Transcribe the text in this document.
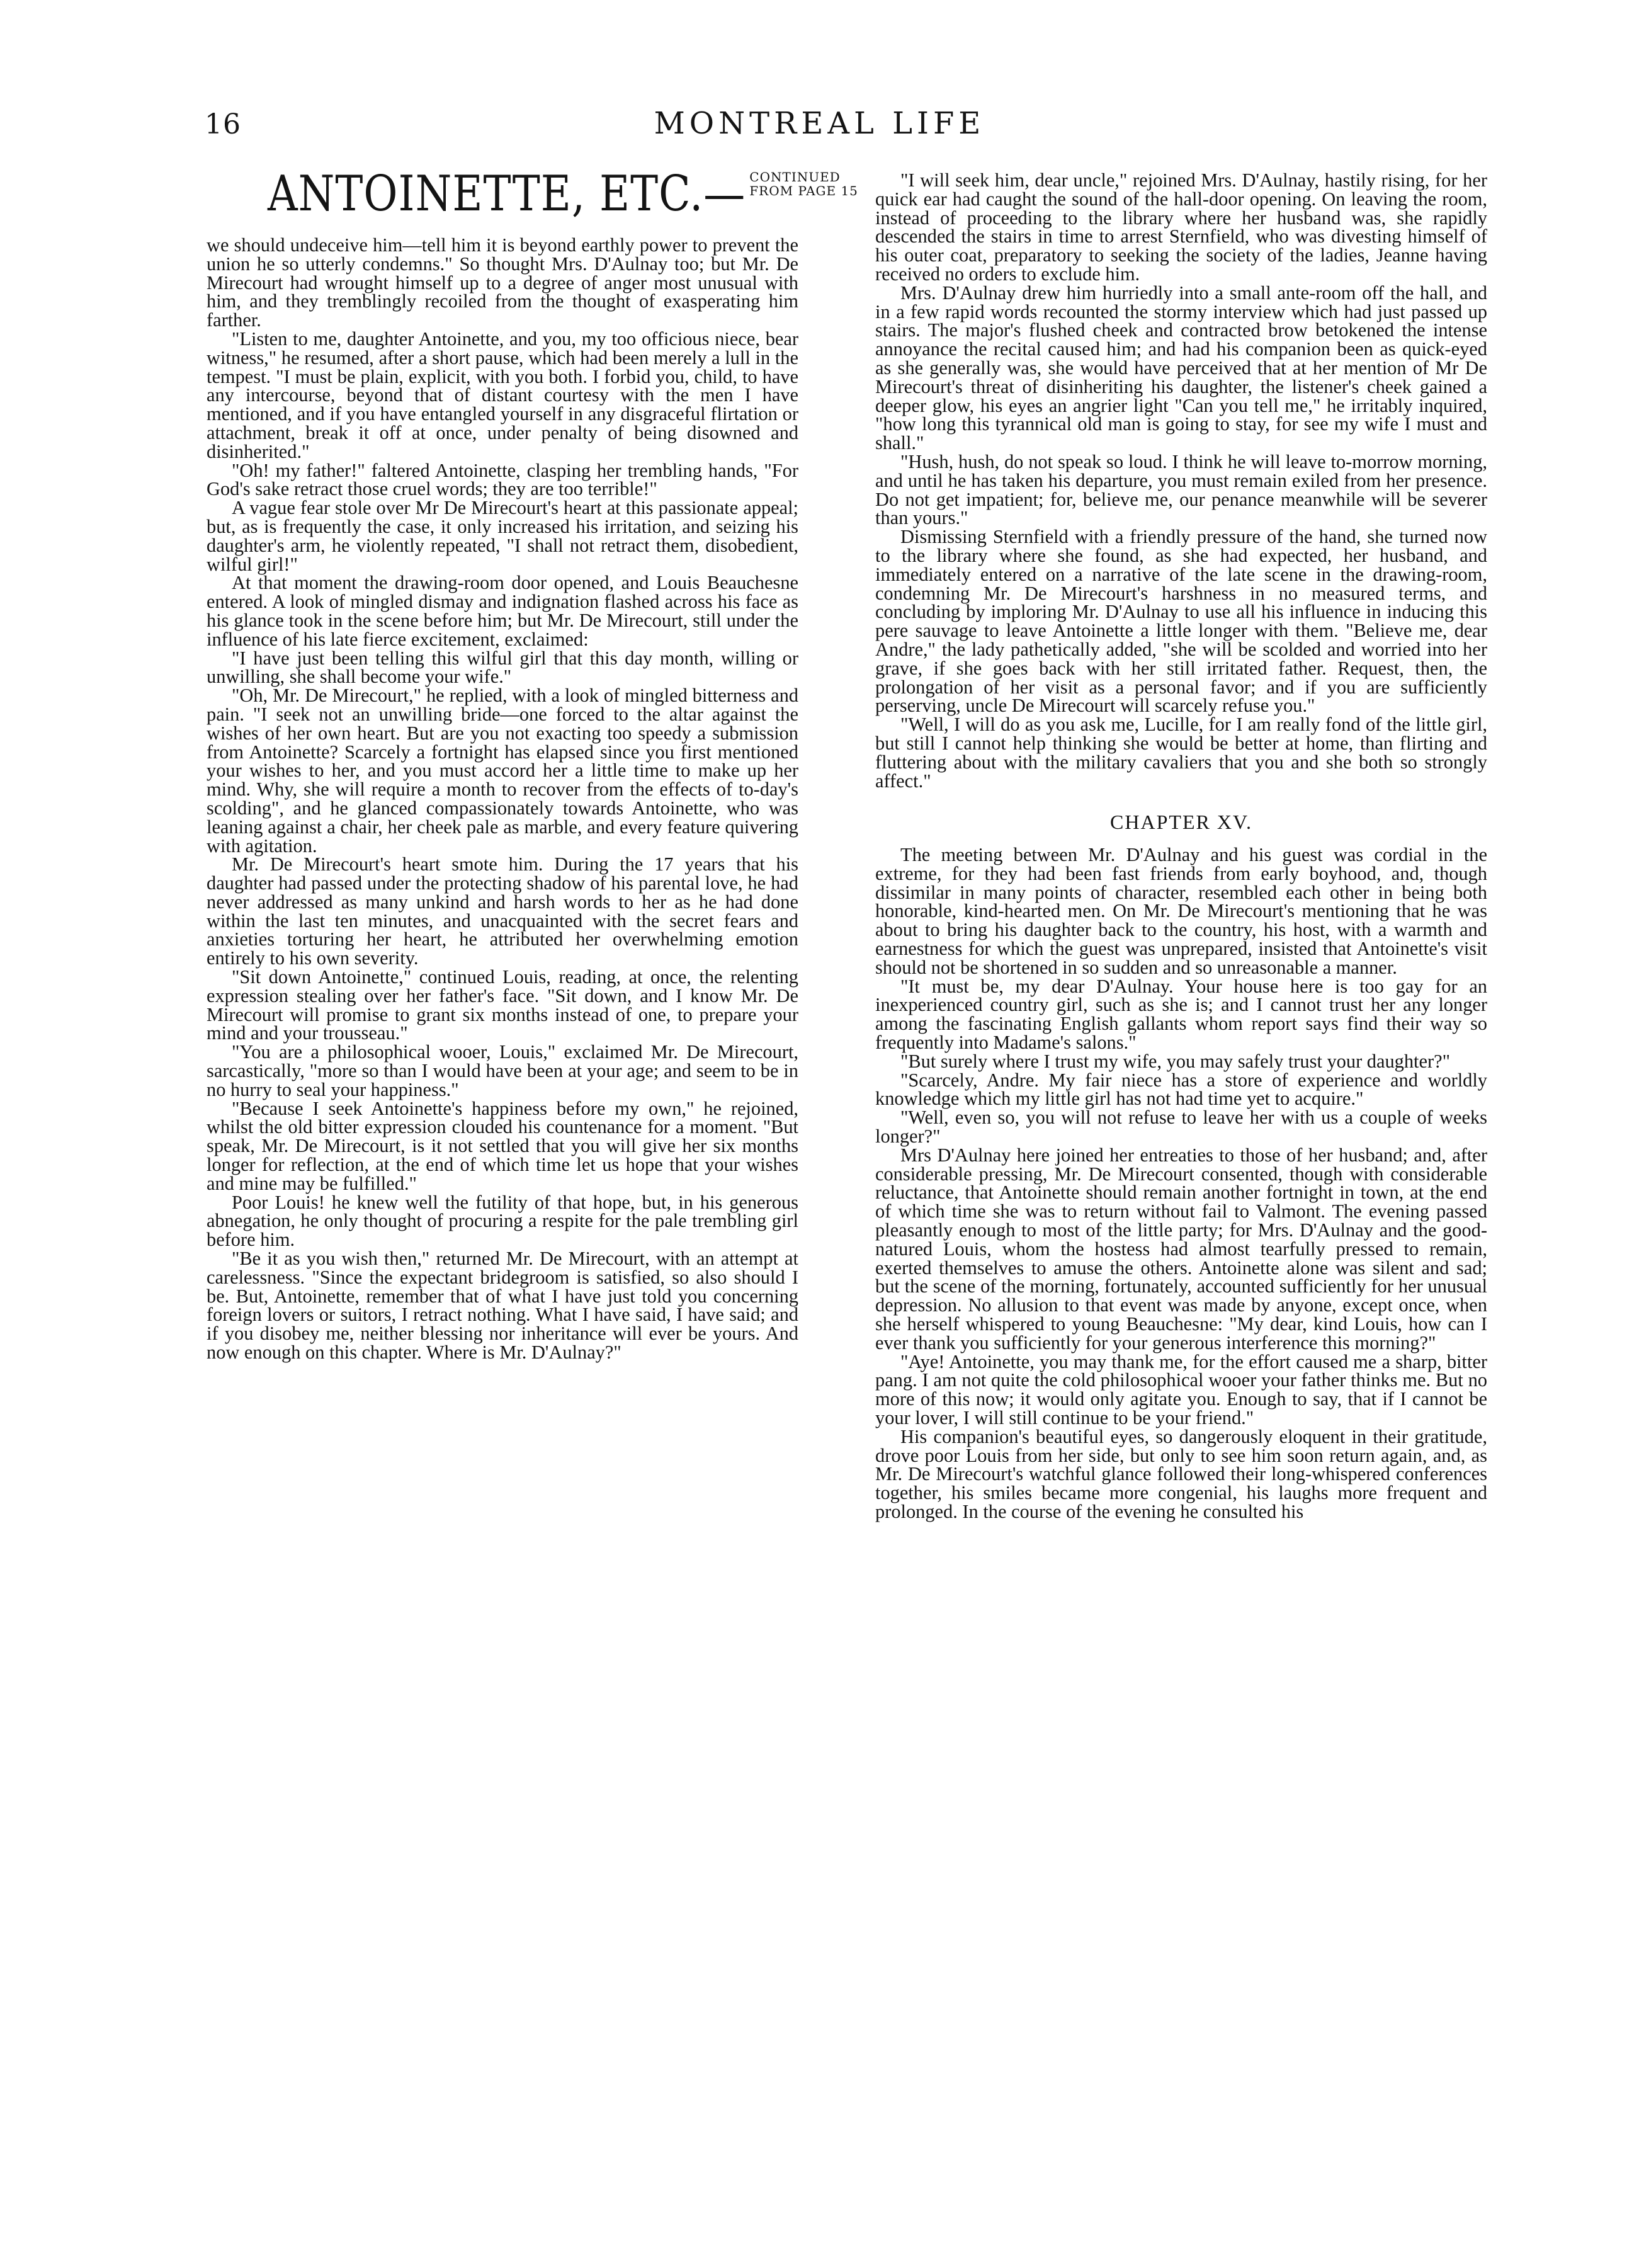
16	MONTREAL LIFE
ANTOINETTE, ETC.— CONTINUED
FROM PAGE 15

we should undeceive him—tell him it is beyond earthly power to prevent the union he so utterly condemns." So thought Mrs. D'Aulnay too; but Mr. De Mirecourt had wrought himself up to a degree of anger most unusual with him, and they tremblingly recoiled from the thought of exasperating him farther.

"Listen to me, daughter Antoinette, and you, my too officious niece, bear witness," he resumed, after a short pause, which had been merely a lull in the tempest. "I must be plain, explicit, with you both. I forbid you, child, to have any intercourse, beyond that of distant courtesy with the men I have mentioned, and if you have entangled yourself in any disgraceful flirtation or attachment, break it off at once, under penalty of being disowned and disinherited."

"Oh! my father!" faltered Antoinette, clasping her trembling hands, "For God's sake retract those cruel words; they are too terrible!"

A vague fear stole over Mr De Mirecourt's heart at this passionate appeal; but, as is frequently the case, it only increased his irritation, and seizing his daughter's arm, he violently repeated, "I shall not retract them, disobedient, wilful girl!"

At that moment the drawing-room door opened, and Louis Beauchesne entered. A look of mingled dismay and indignation flashed across his face as his glance took in the scene before him; but Mr. De Mirecourt, still under the influence of his late fierce excitement, exclaimed:

"I have just been telling this wilful girl that this day month, willing or unwilling, she shall become your wife."

"Oh, Mr. De Mirecourt," he replied, with a look of mingled bitterness and pain. "I seek not an unwilling bride—one forced to the altar against the wishes of her own heart. But are you not exacting too speedy a submission from Antoinette? Scarcely a fortnight has elapsed since you first mentioned your wishes to her, and you must accord her a little time to make up her mind. Why, she will require a month to recover from the effects of to-day's scolding", and he glanced compassionately towards Antoinette, who was leaning against a chair, her cheek pale as marble, and every feature quivering with agitation.

Mr. De Mirecourt's heart smote him. During the 17 years that his daughter had passed under the protecting shadow of his parental love, he had never addressed as many unkind and harsh words to her as he had done within the last ten minutes, and unacquainted with the secret fears and anxieties torturing her heart, he attributed her overwhelming emotion entirely to his own severity.

"Sit down Antoinette," continued Louis, reading, at once, the relenting expression stealing over her father's face. "Sit down, and I know Mr. De Mirecourt will promise to grant six months instead of one, to prepare your mind and your trousseau."

"You are a philosophical wooer, Louis," exclaimed Mr. De Mirecourt, sarcastically, "more so than I would have been at your age; and seem to be in no hurry to seal your happiness."

"Because I seek Antoinette's happiness before my own," he rejoined, whilst the old bitter expression clouded his countenance for a moment. "But speak, Mr. De Mirecourt, is it not settled that you will give her six months longer for reflection, at the end of which time let us hope that your wishes and mine may be fulfilled."

Poor Louis! he knew well the futility of that hope, but, in his generous abnegation, he only thought of procuring a respite for the pale trembling girl before him.

"Be it as you wish then," returned Mr. De Mirecourt, with an attempt at carelessness. "Since the expectant bridegroom is satisfied, so also should I be. But, Antoinette, remember that of what I have just told you concerning foreign lovers or suitors, I retract nothing. What I have said, I have said; and if you disobey me, neither blessing nor inheritance will ever be yours. And now enough on this chapter. Where is Mr. D'Aulnay?"

"I will seek him, dear uncle," rejoined Mrs. D'Aulnay, hastily rising, for her quick ear had caught the sound of the hall-door opening. On leaving the room, instead of proceeding to the library where her husband was, she rapidly descended the stairs in time to arrest Sternfield, who was divesting himself of his outer coat, preparatory to seeking the society of the ladies, Jeanne having received no orders to exclude him.

Mrs. D'Aulnay drew him hurriedly into a small ante-room off the hall, and in a few rapid words recounted the stormy interview which had just passed up stairs. The major's flushed cheek and contracted brow betokened the intense annoyance the recital caused him; and had his companion been as quick-eyed as she generally was, she would have perceived that at her mention of Mr De Mirecourt's threat of disinheriting his daughter, the listener's cheek gained a deeper glow, his eyes an angrier light "Can you tell me," he irritably inquired, "how long this tyrannical old man is going to stay, for see my wife I must and shall."

"Hush, hush, do not speak so loud. I think he will leave to-morrow morning, and until he has taken his departure, you must remain exiled from her presence. Do not get impatient; for, believe me, our penance meanwhile will be severer than yours."

Dismissing Sternfield with a friendly pressure of the hand, she turned now to the library where she found, as she had expected, her husband, and immediately entered on a narrative of the late scene in the drawing-room, condemning Mr. De Mirecourt's harshness in no measured terms, and concluding by imploring Mr. D'Aulnay to use all his influence in inducing this pere sauvage to leave Antoinette a little longer with them. "Believe me, dear Andre," the lady pathetically added, "she will be scolded and worried into her grave, if she goes back with her still irritated father. Request, then, the prolongation of her visit as a personal favor; and if you are sufficiently perserving, uncle De Mirecourt will scarcely refuse you."

"Well, I will do as you ask me, Lucille, for I am really fond of the little girl, but still I cannot help thinking she would be better at home, than flirting and fluttering about with the military cavaliers that you and she both so strongly affect."

CHAPTER XV.

The meeting between Mr. D'Aulnay and his guest was cordial in the extreme, for they had been fast friends from early boyhood, and, though dissimilar in many points of character, resembled each other in being both honorable, kind-hearted men. On Mr. De Mirecourt's mentioning that he was about to bring his daughter back to the country, his host, with a warmth and earnestness for which the guest was unprepared, insisted that Antoinette's visit should not be shortened in so sudden and so unreasonable a manner.

"It must be, my dear D'Aulnay. Your house here is too gay for an inexperienced country girl, such as she is; and I cannot trust her any longer among the fascinating English gallants whom report says find their way so frequently into Madame's salons."

"But surely where I trust my wife, you may safely trust your daughter?"

"Scarcely, Andre. My fair niece has a store of experience and worldly knowledge which my little girl has not had time yet to acquire."

"Well, even so, you will not refuse to leave her with us a couple of weeks longer?"

Mrs D'Aulnay here joined her entreaties to those of her husband; and, after considerable pressing, Mr. De Mirecourt consented, though with considerable reluctance, that Antoinette should remain another fortnight in town, at the end of which time she was to return without fail to Valmont. The evening passed pleasantly enough to most of the little party; for Mrs. D'Aulnay and the good-natured Louis, whom the hostess had almost tearfully pressed to remain, exerted themselves to amuse the others. Antoinette alone was silent and sad; but the scene of the morning, fortunately, accounted sufficiently for her unusual depression. No allusion to that event was made by anyone, except once, when she herself whispered to young Beauchesne: "My dear, kind Louis, how can I ever thank you sufficiently for your generous interference this morning?"

"Aye! Antoinette, you may thank me, for the effort caused me a sharp, bitter pang. I am not quite the cold philosophical wooer your father thinks me. But no more of this now; it would only agitate you. Enough to say, that if I cannot be your lover, I will still continue to be your friend."

His companion's beautiful eyes, so dangerously eloquent in their gratitude, drove poor Louis from her side, but only to see him soon return again, and, as Mr. De Mirecourt's watchful glance followed their long-whispered conferences together, his smiles became more congenial, his laughs more frequent and prolonged. In the course of the evening he consulted his
